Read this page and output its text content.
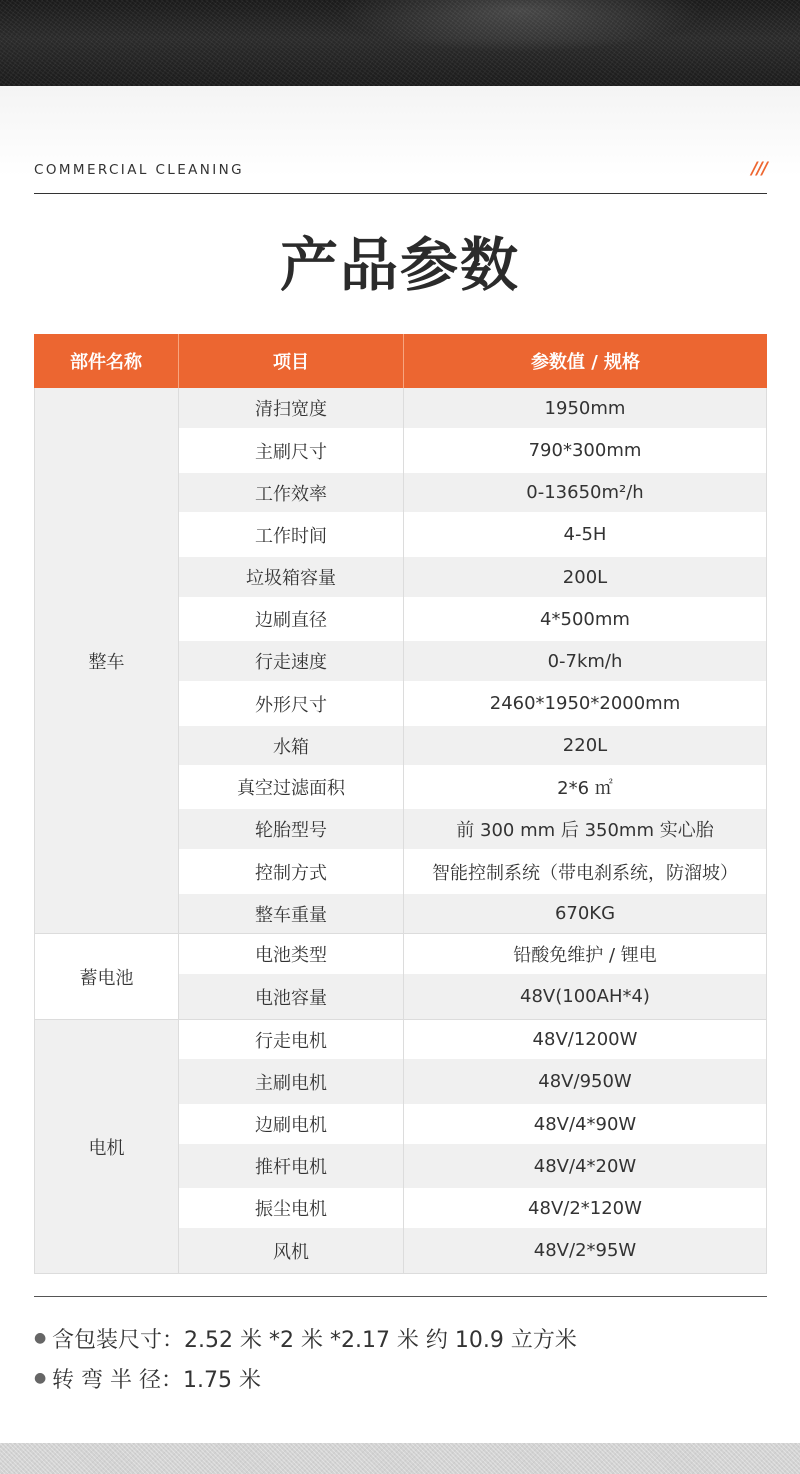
COMMERCIAL CLEANING	///
产品参数
部件名称	项目	参数值 / 规格
整车
清扫宽度	1950mm
主刷尺寸	790*300mm
工作效率	0-13650m²/h
工作时间	4-5H
垃圾箱容量	200L
边刷直径	4*500mm
行走速度	0-7km/h
外形尺寸	2460*1950*2000mm
水箱	220L
真空过滤面积	2*6 ㎡
轮胎型号	前 300 mm 后 350mm 实心胎
控制方式	智能控制系统（带电刹系统，防溜坡）
整车重量	670KG
蓄电池
电池类型	铅酸免维护 / 锂电
电池容量	48V(100AH*4)
电机
行走电机	48V/1200W
主刷电机	48V/950W
边刷电机	48V/4*90W
推杆电机	48V/4*20W
振尘电机	48V/2*120W
风机	48V/2*95W
● 含包装尺寸：2.52 米 *2 米 *2.17 米 约 10.9 立方米
● 转 弯 半 径：1.75 米
